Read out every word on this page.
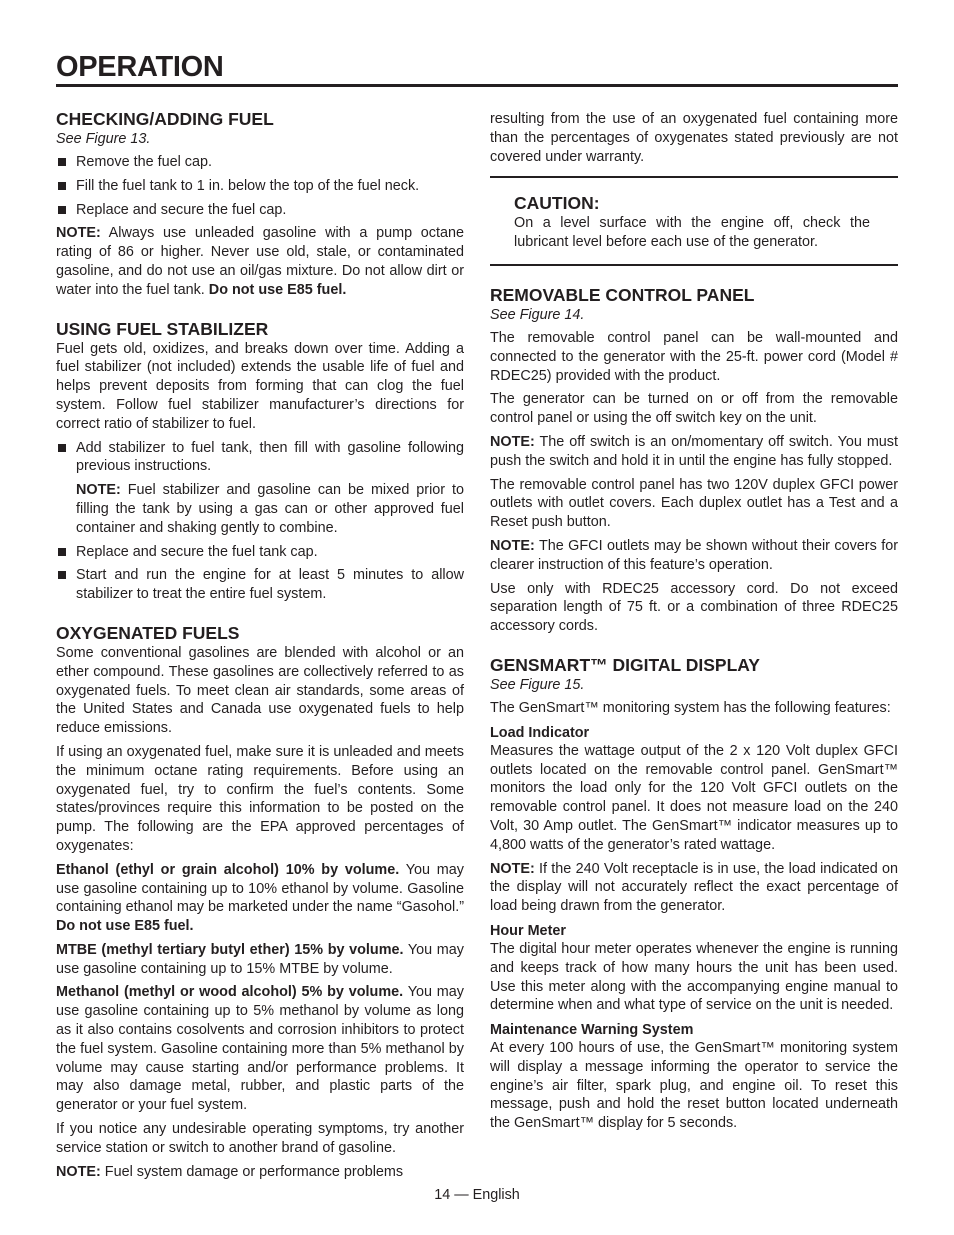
OPERATION
CHECKING/ADDING FUEL
See Figure 13.
Remove the fuel cap.
Fill the fuel tank to 1 in. below the top of the fuel neck.
Replace and secure the fuel cap.

NOTE: Always use unleaded gasoline with a pump octane rating of 86 or higher. Never use old, stale, or contaminated gasoline, and do not use an oil/gas mixture. Do not allow dirt or water into the fuel tank. Do not use E85 fuel.

USING FUEL STABILIZER

Fuel gets old, oxidizes, and breaks down over time. Adding a fuel stabilizer (not included) extends the usable life of fuel and helps prevent deposits from forming that can clog the fuel system. Follow fuel stabilizer manufacturer’s directions for correct ratio of stabilizer to fuel.

Add stabilizer to fuel tank, then fill with gasoline following previous instructions.
NOTE: Fuel stabilizer and gasoline can be mixed prior to filling the tank by using a gas can or other approved fuel container and shaking gently to combine.
Replace and secure the fuel tank cap.
Start and run the engine for at least 5 minutes to allow stabilizer to treat the entire fuel system.
OXYGENATED FUELS

Some conventional gasolines are blended with alcohol or an ether compound. These gasolines are collectively referred to as oxygenated fuels. To meet clean air standards, some areas of the United States and Canada use oxygenated fuels to help reduce emissions.

If using an oxygenated fuel, make sure it is unleaded and meets the minimum octane rating requirements. Before using an oxygenated fuel, try to confirm the fuel’s contents. Some states/provinces require this information to be posted on the pump. The following are the EPA approved percentages of oxygenates:

Ethanol (ethyl or grain alcohol) 10% by volume. You may use gasoline containing up to 10% ethanol by volume. Gasoline containing ethanol may be marketed under the name “Gasohol.” Do not use E85 fuel.

MTBE (methyl tertiary butyl ether) 15% by volume. You may use gasoline containing up to 15% MTBE by volume.

Methanol (methyl or wood alcohol) 5% by volume. You may use gasoline containing up to 5% methanol by volume as long as it also contains cosolvents and corrosion inhibitors to protect the fuel system. Gasoline containing more than 5% methanol by volume may cause starting and/or performance problems. It may also damage metal, rubber, and plastic parts of the generator or your fuel system.

If you notice any undesirable operating symptoms, try another service station or switch to another brand of gasoline.

NOTE: Fuel system damage or performance problems

resulting from the use of an oxygenated fuel containing more than the percentages of oxygenates stated previously are not covered under warranty.

CAUTION:

On a level surface with the engine off, check the lubricant level before each use of the generator.

REMOVABLE CONTROL PANEL
See Figure 14.

The removable control panel can be wall-mounted and connected to the generator with the 25-ft. power cord (Model # RDEC25) provided with the product.

The generator can be turned on or off from the removable control panel or using the off switch key on the unit.

NOTE: The off switch is an on/momentary off switch. You must push the switch and hold it in until the engine has fully stopped.

The removable control panel has two 120V duplex GFCI power outlets with outlet covers. Each duplex outlet has a Test and a Reset push button.

NOTE: The GFCI outlets may be shown without their covers for clearer instruction of this feature’s operation.

Use only with RDEC25 accessory cord. Do not exceed separation length of 75 ft. or a combination of three RDEC25 accessory cords.

GENSMART™ DIGITAL DISPLAY
See Figure 15.

The GenSmart™ monitoring system has the following features:

Load Indicator

Measures the wattage output of the 2 x 120 Volt duplex GFCI outlets located on the removable control panel. GenSmart™ monitors the load only for the 120 Volt GFCI outlets on the removable control panel. It does not measure load on the 240 Volt, 30 Amp outlet. The GenSmart™ indicator measures up to 4,800 watts of the generator’s rated wattage.

NOTE: If the 240 Volt receptacle is in use, the load indicated on the display will not accurately reflect the exact percentage of load being drawn from the generator.

Hour Meter

The digital hour meter operates whenever the engine is running and keeps track of how many hours the unit has been used. Use this meter along with the accompanying engine manual to determine when and what type of service on the unit is needed.

Maintenance Warning System

At every 100 hours of use, the GenSmart™ monitoring system will display a message informing the operator to service the engine’s air filter, spark plug, and engine oil. To reset this message, push and hold the reset button located underneath the GenSmart™ display for 5 seconds.

14 — English
